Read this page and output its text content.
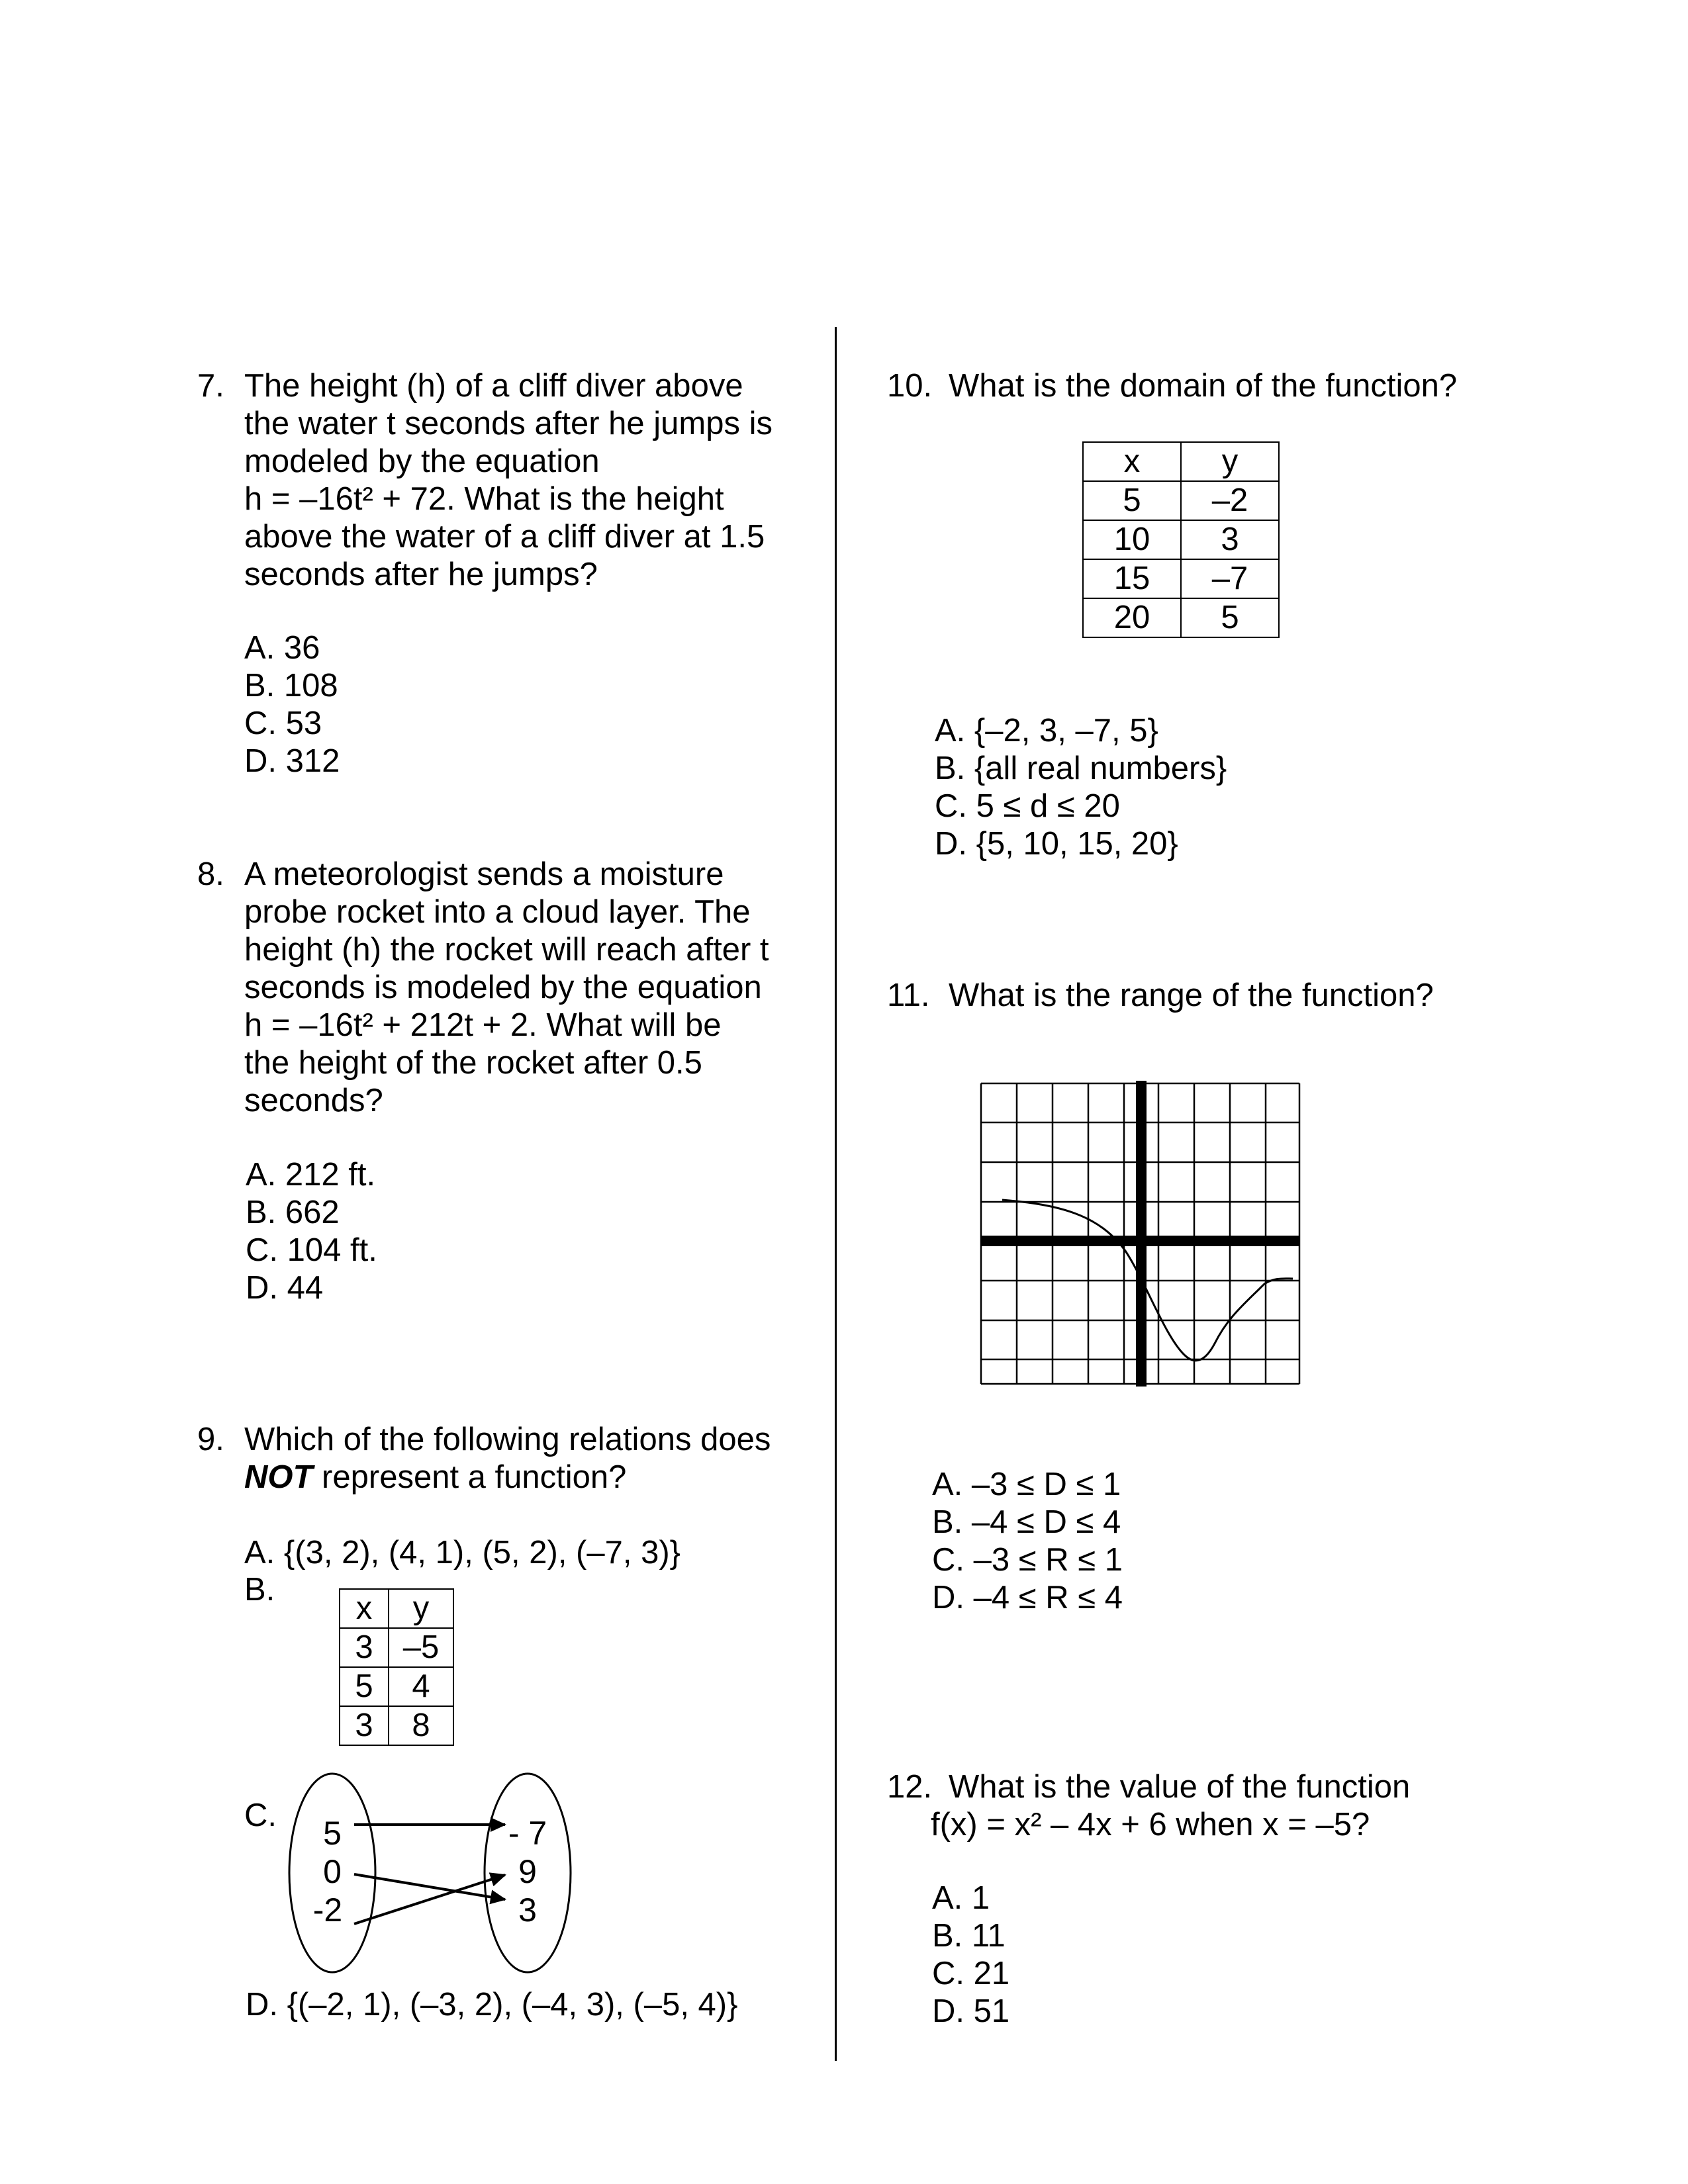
7. The height (h) of a cliff diver above
the water t seconds after he jumps is
modeled by the equation
h = –16t² + 72. What is the height
above the water of a cliff diver at 1.5
seconds after he jumps?
A. 36
B. 108
C. 53
D. 312
8. A meteorologist sends a moisture
probe rocket into a cloud layer. The
height (h) the rocket will reach after t
seconds is modeled by the equation
h = –16t² + 212t + 2. What will be
the height of the rocket after 0.5
seconds?
A. 212 ft.
B. 662
C. 104 ft.
D. 44
9. Which of the following relations does
NOT represent a function?
A. {(3, 2), (4, 1), (5, 2), (–7, 3)}
B.
C.
D. {(–2, 1), (–3, 2), (–4, 3), (–5, 4)}
x	y
3	–5
5	4
3	8
5
0
-2
- 7
9
3
10. What is the domain of the function?
x	y
5	–2
10	3
15	–7
20	5
A. {–2, 3, –7, 5}
B. {all real numbers}
C. 5 ≤ d ≤ 20
D. {5, 10, 15, 20}
11. What is the range of the function?
A. –3 ≤ D ≤ 1
B. –4 ≤ D ≤ 4
C. –3 ≤ R ≤ 1
D. –4 ≤ R ≤ 4
12. What is the value of the function
f(x) = x² – 4x + 6 when x = –5?
A. 1
B. 11
C. 21
D. 51
